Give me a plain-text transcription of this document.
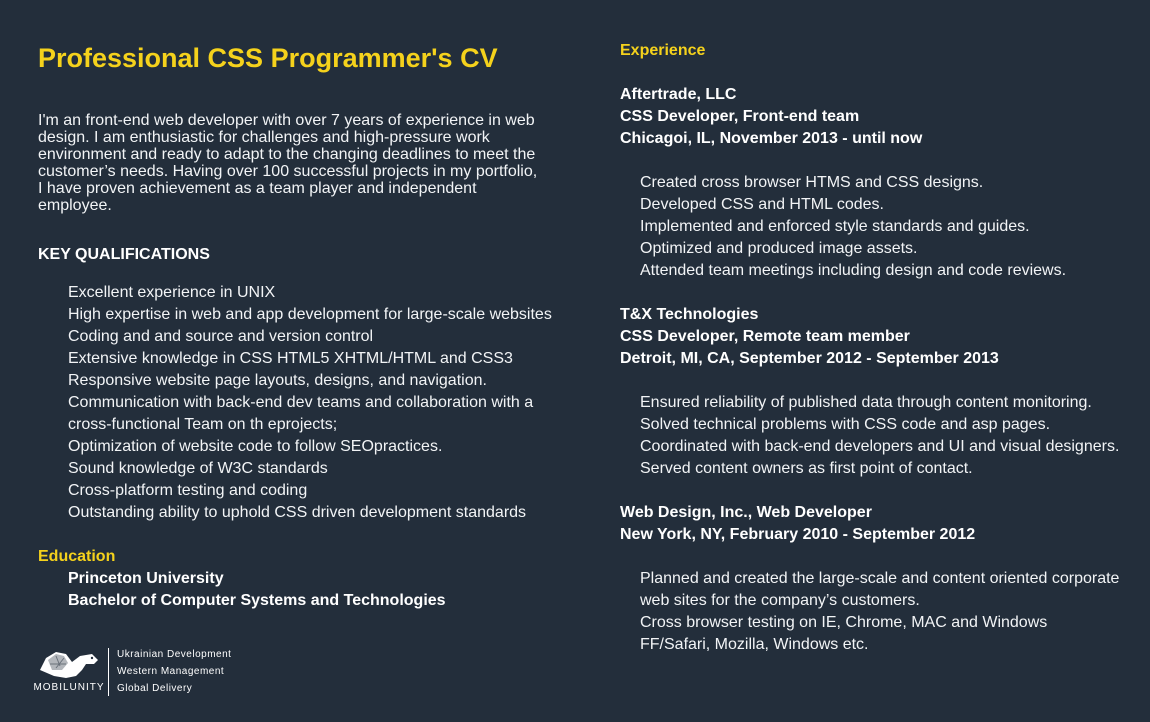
Professional CSS Programmer's CV
I'm an front-end web developer with over 7 years of experience in web design. I am enthusiastic for challenges and high-pressure work environment and ready to adapt to the changing deadlines to meet the customer’s needs. Having over 100 successful projects in my portfolio, I have proven achievement as a team player and independent employee.
KEY QUALIFICATIONS
Excellent experience in UNIX
High expertise in web and app development for large-scale websites
Coding and and source and version control
Extensive knowledge in CSS HTML5 XHTML/HTML and CSS3
Responsive website page layouts, designs, and navigation.
Communication with back-end dev teams and collaboration with a cross-functional Team on th eprojects;
Optimization of website code to follow SEOpractices.
Sound knowledge of W3C standards
Cross-platform testing and coding
Outstanding ability to uphold CSS driven development standards
Education
Princeton University
Bachelor of Computer Systems and Technologies
Experience
Aftertrade, LLC
CSS Developer, Front-end team
Chicagoi, IL, November 2013 - until now
Created cross browser HTMS and CSS designs.
Developed CSS and HTML codes.
Implemented and enforced style standards and guides.
Optimized and produced image assets.
Attended team meetings including design and code reviews.
T&X Technologies
CSS Developer, Remote team member
Detroit, MI, CA, September 2012 - September 2013
Ensured reliability of published data through content monitoring.
Solved technical problems with CSS code and asp pages.
Coordinated with back-end developers and UI and visual designers.
Served content owners as first point of contact.
Web Design, Inc., Web Developer
New York, NY, February 2010 - September 2012
Planned and created the large-scale and content oriented corporate web sites for the company’s customers.
Cross browser testing on IE, Chrome, MAC and Windows FF/Safari, Mozilla, Windows etc.
MOBILUNITY
Ukrainian Development
Western Management
Global Delivery
